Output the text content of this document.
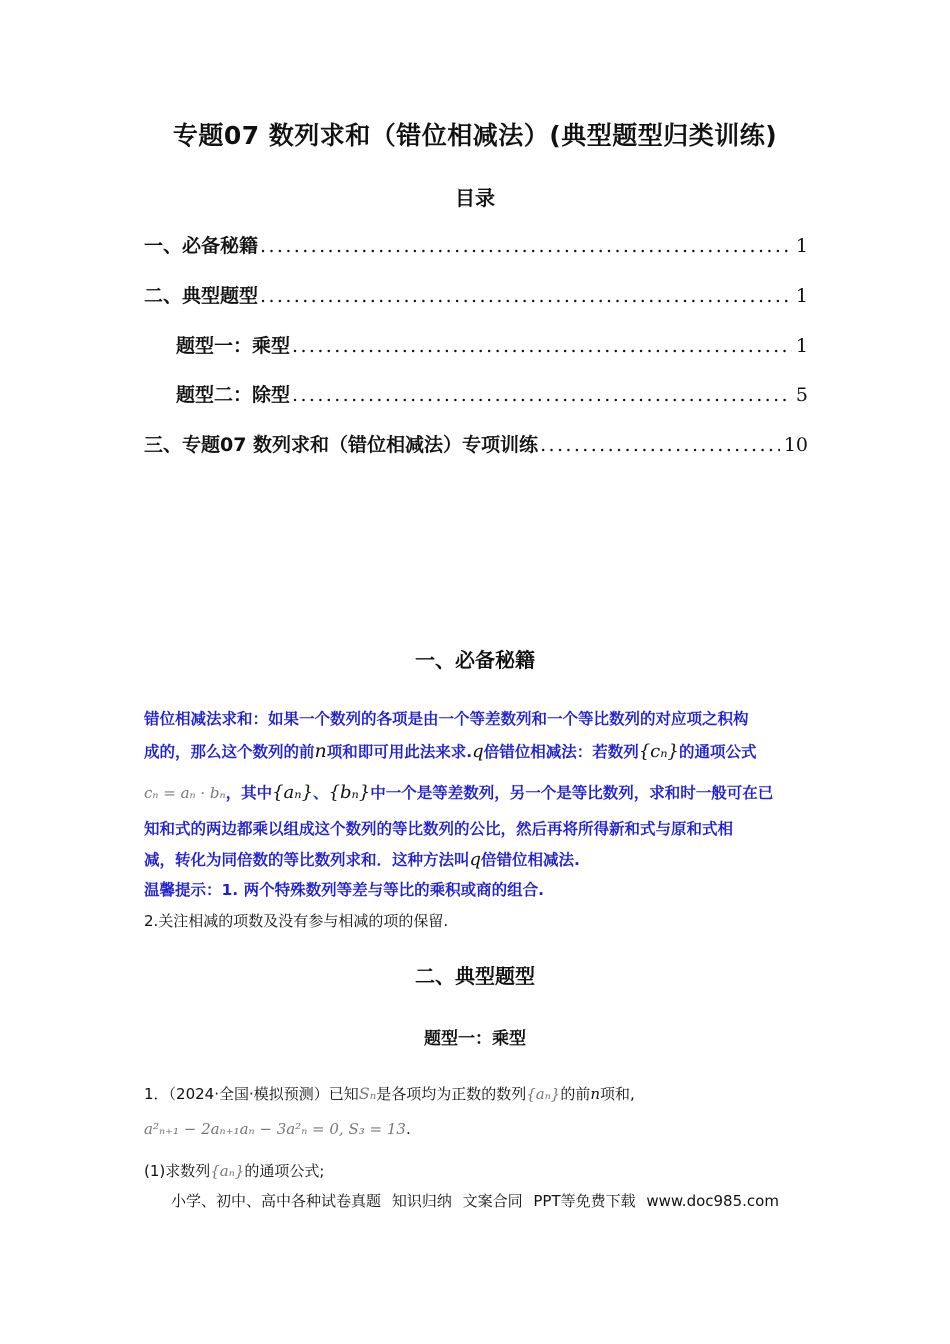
专题07 数列求和（错位相减法）(典型题型归类训练)
目录
一、必备秘籍 .....	1
二、典型题型 .....	1
题型一：乘型 .....	1
题型二：除型 .....	5
三、专题07 数列求和（错位相减法）专项训练 .....	10
一、必备秘籍
错位相减法求和：如果一个数列的各项是由一个等差数列和一个等比数列的对应项之积构
成的，那么这个数列的前n项和即可用此法来求.q倍错位相减法：若数列{cₙ}的通项公式
cₙ = aₙ · bₙ，其中{aₙ}、{bₙ}中一个是等差数列，另一个是等比数列，求和时一般可在已
知和式的两边都乘以组成这个数列的等比数列的公比，然后再将所得新和式与原和式相
减，转化为同倍数的等比数列求和．这种方法叫q倍错位相减法.
温馨提示：1. 两个特殊数列等差与等比的乘积或商的组合.
2.关注相减的项数及没有参与相减的项的保留.
二、典型题型
题型一：乘型
1．（2024·全国·模拟预测）已知Sₙ是各项均为正数的数列{aₙ}的前n项和,
a²ₙ₊₁ − 2aₙ₊₁aₙ − 3a²ₙ = 0, S₃ = 13.
(1)求数列{aₙ}的通项公式;
小学、初中、高中各种试卷真题 知识归纳 文案合同 PPT等免费下载 www.doc985.com
